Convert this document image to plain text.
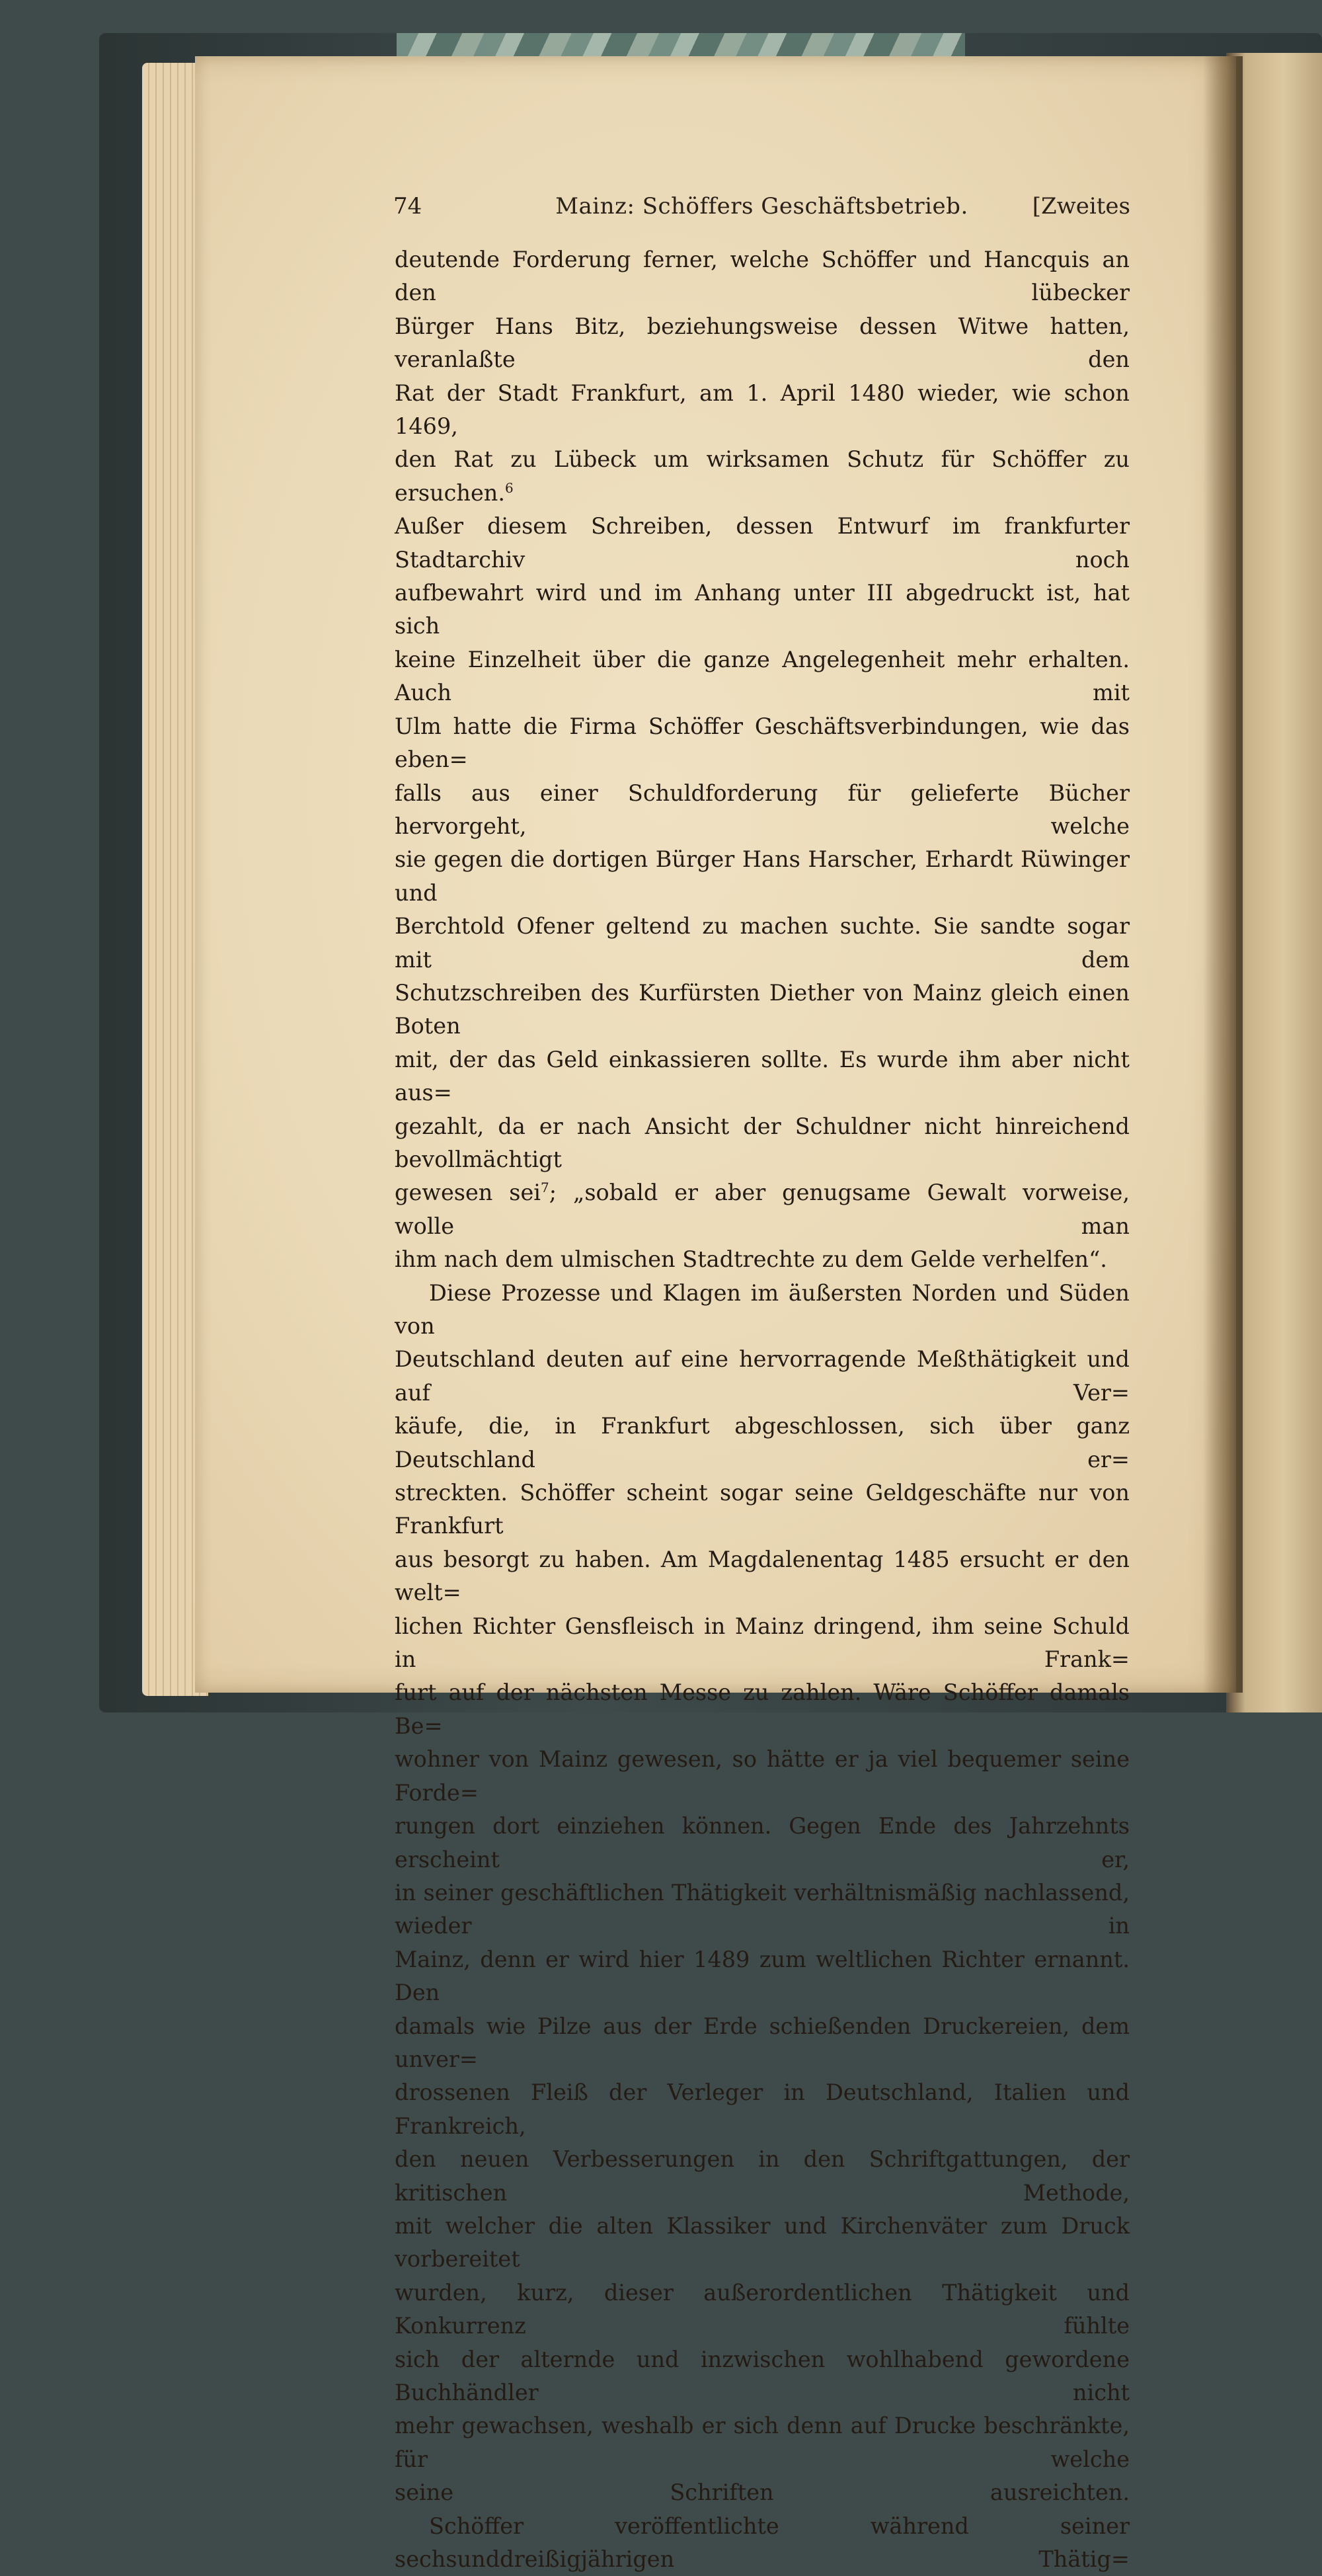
74	Mainz: Schöffers Geschäftsbetrieb.	[Zweites

deutende Forderung ferner, welche Schöffer und Hancquis an den lübecker

Bürger Hans Bitz, beziehungsweise dessen Witwe hatten, veranlaßte den

Rat der Stadt Frankfurt, am 1. April 1480 wieder, wie schon 1469,

den Rat zu Lübeck um wirksamen Schutz für Schöffer zu ersuchen.$^6$

Außer diesem Schreiben, dessen Entwurf im frankfurter Stadtarchiv noch

aufbewahrt wird und im Anhang unter III abgedruckt ist, hat sich

keine Einzelheit über die ganze Angelegenheit mehr erhalten. Auch mit

Ulm hatte die Firma Schöffer Geschäftsverbindungen, wie das eben=

falls aus einer Schuldforderung für gelieferte Bücher hervorgeht, welche

sie gegen die dortigen Bürger Hans Harscher, Erhardt Rüwinger und

Berchtold Ofener geltend zu machen suchte. Sie sandte sogar mit dem

Schutzschreiben des Kurfürsten Diether von Mainz gleich einen Boten

mit, der das Geld einkassieren sollte. Es wurde ihm aber nicht aus=

gezahlt, da er nach Ansicht der Schuldner nicht hinreichend bevollmächtigt

gewesen sei$^7$; „sobald er aber genugsame Gewalt vorweise, wolle man

ihm nach dem ulmischen Stadtrechte zu dem Gelde verhelfen“.

Diese Prozesse und Klagen im äußersten Norden und Süden von

Deutschland deuten auf eine hervorragende Meßthätigkeit und auf Ver=

käufe, die, in Frankfurt abgeschlossen, sich über ganz Deutschland er=

streckten. Schöffer scheint sogar seine Geldgeschäfte nur von Frankfurt

aus besorgt zu haben. Am Magdalenentag 1485 ersucht er den welt=

lichen Richter Gensfleisch in Mainz dringend, ihm seine Schuld in Frank=

furt auf der nächsten Messe zu zahlen. Wäre Schöffer damals Be=

wohner von Mainz gewesen, so hätte er ja viel bequemer seine Forde=

rungen dort einziehen können. Gegen Ende des Jahrzehnts erscheint er,

in seiner geschäftlichen Thätigkeit verhältnismäßig nachlassend, wieder in

Mainz, denn er wird hier 1489 zum weltlichen Richter ernannt. Den

damals wie Pilze aus der Erde schießenden Druckereien, dem unver=

drossenen Fleiß der Verleger in Deutschland, Italien und Frankreich,

den neuen Verbesserungen in den Schriftgattungen, der kritischen Methode,

mit welcher die alten Klassiker und Kirchenväter zum Druck vorbereitet

wurden, kurz, dieser außerordentlichen Thätigkeit und Konkurrenz fühlte

sich der alternde und inzwischen wohlhabend gewordene Buchhändler nicht

mehr gewachsen, weshalb er sich denn auf Drucke beschränkte, für welche

seine Schriften ausreichten.

Schöffer veröffentlichte während seiner sechsunddreißigjährigen Thätig=
